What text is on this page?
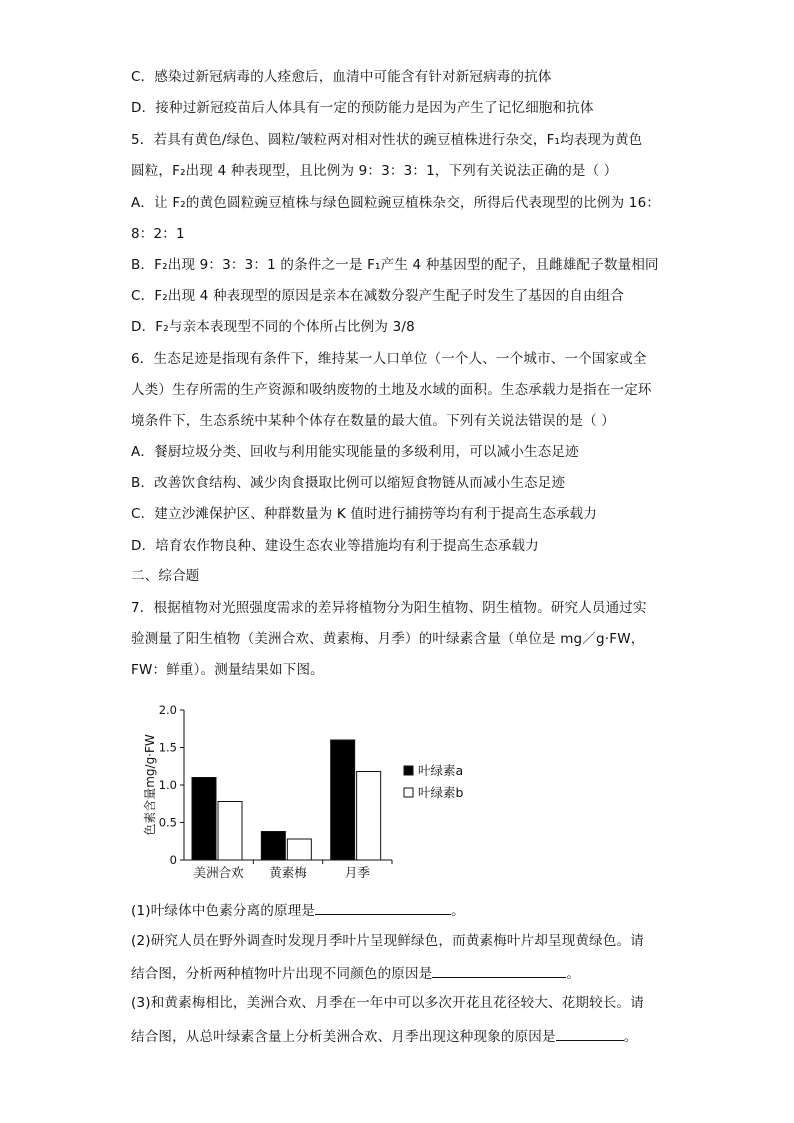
C．感染过新冠病毒的人痊愈后，血清中可能含有针对新冠病毒的抗体
D．接种过新冠疫苗后人体具有一定的预防能力是因为产生了记忆细胞和抗体
5．若具有黄色/绿色、圆粒/皱粒两对相对性状的豌豆植株进行杂交，F₁均表现为黄色
圆粒，F₂出现 4 种表现型，且比例为 9：3：3：1，下列有关说法正确的是（ ）
A．让 F₂的黄色圆粒豌豆植株与绿色圆粒豌豆植株杂交，所得后代表现型的比例为 16：
8：2：1
B．F₂出现 9：3：3：1 的条件之一是 F₁产生 4 种基因型的配子，且雌雄配子数量相同
C．F₂出现 4 种表现型的原因是亲本在减数分裂产生配子时发生了基因的自由组合
D．F₂与亲本表现型不同的个体所占比例为 3/8
6．生态足迹是指现有条件下，维持某一人口单位（一个人、一个城市、一个国家或全
人类）生存所需的生产资源和吸纳废物的土地及水域的面积。生态承载力是指在一定环
境条件下，生态系统中某种个体存在数量的最大值。下列有关说法错误的是（ ）
A．餐厨垃圾分类、回收与利用能实现能量的多级利用，可以减小生态足迹
B．改善饮食结构、减少肉食摄取比例可以缩短食物链从而减小生态足迹
C．建立沙滩保护区、种群数量为 K 值时进行捕捞等均有利于提高生态承载力
D．培育农作物良种、建设生态农业等措施均有利于提高生态承载力
二、综合题
7．根据植物对光照强度需求的差异将植物分为阳生植物、阴生植物。研究人员通过实
验测量了阳生植物（美洲合欢、黄素梅、月季）的叶绿素含量（单位是 mg／g·FW，
FW：鲜重）。测量结果如下图。
(1)叶绿体中色素分离的原理是	。
(2)研究人员在野外调查时发现月季叶片呈现鲜绿色，而黄素梅叶片却呈现黄绿色。请
结合图，分析两种植物叶片出现不同颜色的原因是	。
(3)和黄素梅相比，美洲合欢、月季在一年中可以多次开花且花径较大、花期较长。请
结合图，从总叶绿素含量上分析美洲合欢、月季出现这种现象的原因是	。
0
0.5
1.0
1.5
2.0
色素含量mg/g·FW
美洲合欢 黄素梅	月季
叶绿素a
叶绿素b
